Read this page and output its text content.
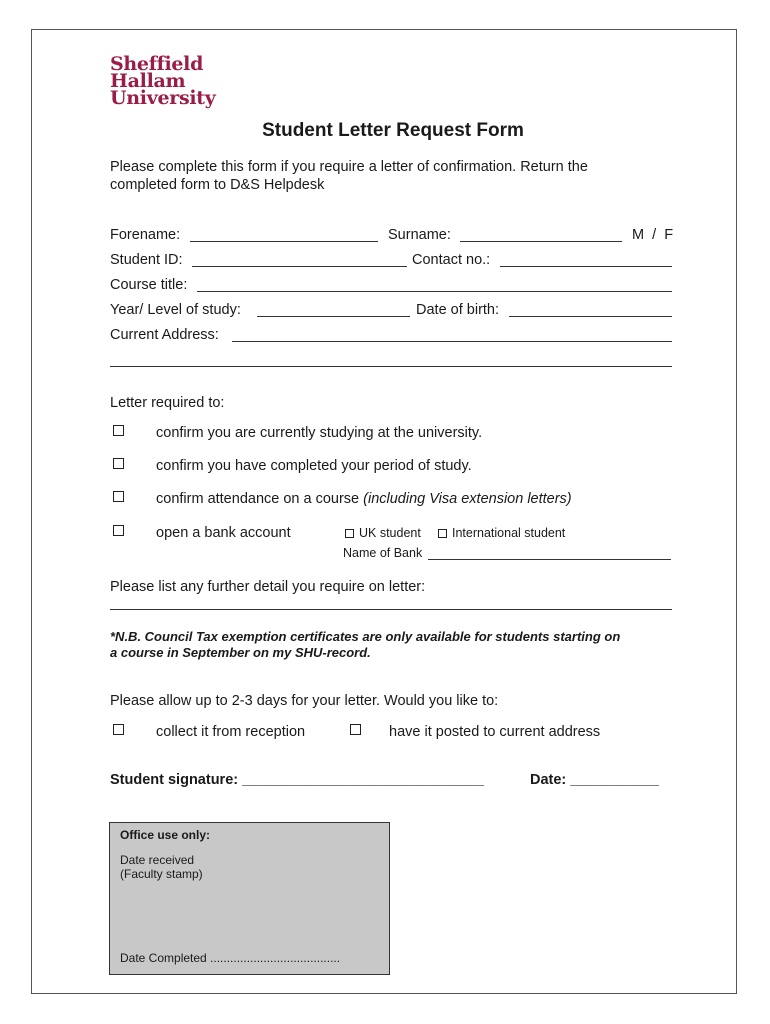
Sheffield
Hallam
University
Student Letter Request Form
Please complete this form if you require a letter of confirmation. Return the
completed form to D&S Helpdesk
Forename:	Surname:	M  /  F
Student ID:	Contact no.:
Course title:
Year/ Level of study:	Date of birth:
Current Address:
Letter required to:
confirm you are currently studying at the university.
confirm you have completed your period of study.
confirm attendance on a course (including Visa extension letters)
open a bank account	UK student International student
Name of Bank
Please list any further detail you require on letter:
*N.B. Council Tax exemption certificates are only available for students starting on
a course in September on my SHU-record.
Please allow up to 2-3 days for your letter. Would you like to:
collect it from reception	have it posted to current address
Student signature: ______________________________	Date: ___________
Office use only:
Date received
(Faculty stamp)
Date Completed .......................................
